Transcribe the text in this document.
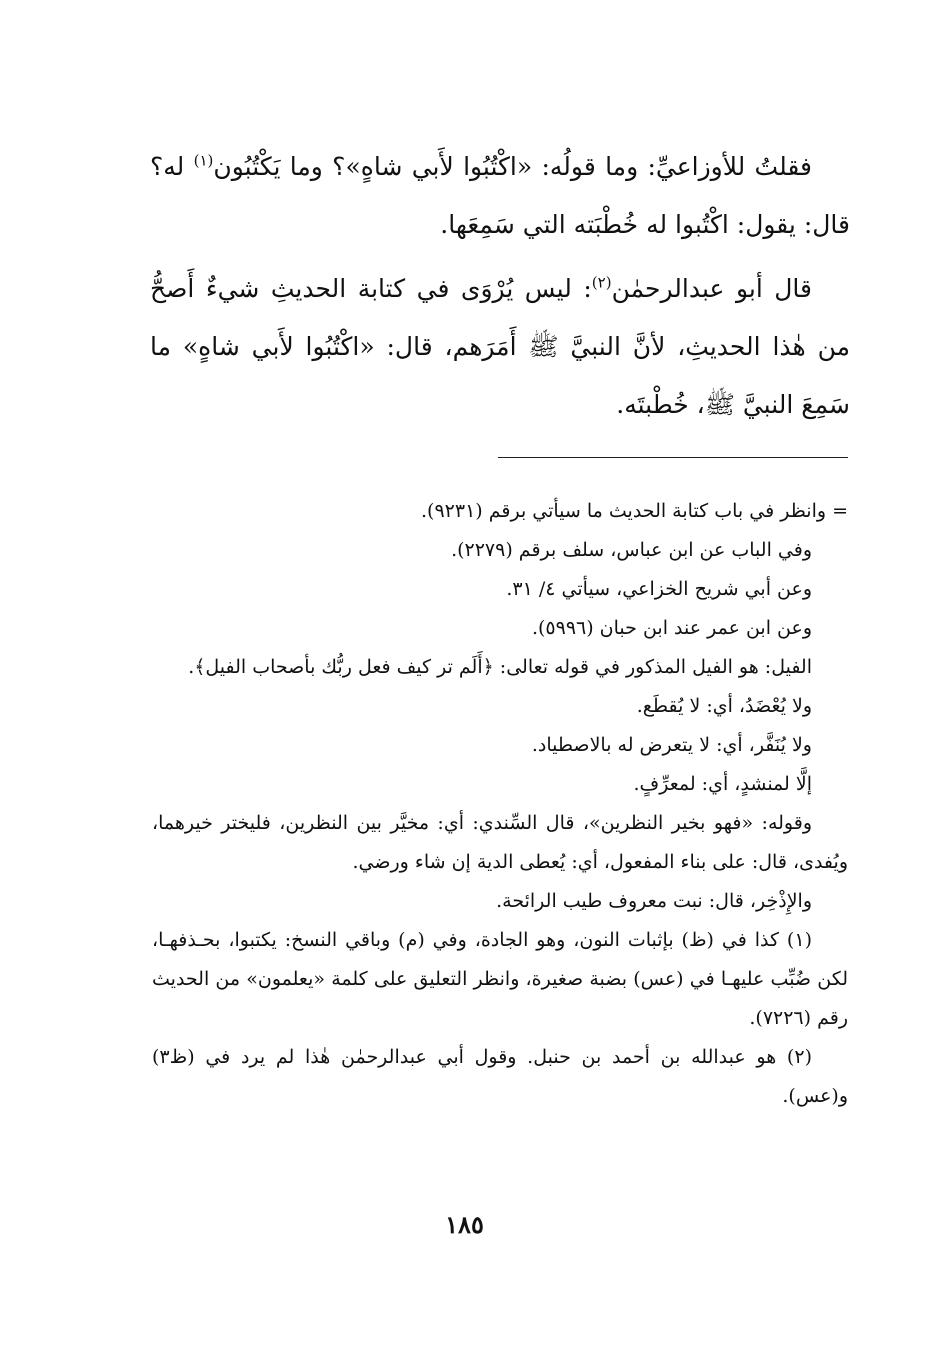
فقلتُ للأوزاعيِّ: وما قولُه: «اكْتُبُوا لأَبي شاهٍ»؟ وما يَكْتُبُون$^{(١)}$ له؟ قال: يقول: اكْتُبوا له خُطْبَته التي سَمِعَها.

قال أبو عبدالرحمٰن$^{(٢)}$: ليس يُرْوَى في كتابة الحديثِ شيءٌ أَصحُّ من هٰذا الحديثِ، لأنَّ النبيَّ ﷺ أَمَرَهم، قال: «اكْتُبُوا لأَبي شاهٍ» ما سَمِعَ النبيَّ ﷺ، خُطْبتَه.

= وانظر في باب كتابة الحديث ما سيأتي برقم (٩٢٣١).

وفي الباب عن ابن عباس، سلف برقم (٢٢٧٩).

وعن أبي شريح الخزاعي، سيأتي ٤/ ٣١.

وعن ابن عمر عند ابن حبان (٥٩٩٦).

الفيل: هو الفيل المذكور في قوله تعالى: ﴿أَلَم تر كيف فعل ربُّك بأصحاب الفيل﴾.

ولا يُعْضَدُ، أي: لا يُقطَع.

ولا يُنَفَّر، أي: لا يتعرض له بالاصطياد.

إلَّا لمنشدٍ، أي: لمعرِّفٍ.

وقوله: «فهو بخير النظرين»، قال السِّندي: أي: مخيَّر بين النظرين، فليختر خيرهما، ويُفدى، قال: على بناء المفعول، أي: يُعطى الدية إن شاء ورضي.

والإِذْخِر، قال: نبت معروف طيب الرائحة.

(١) كذا في (ظ) بإثبات النون، وهو الجادة، وفي (م) وباقي النسخ: يكتبوا، بحـذفهـا، لكن ضُبِّب عليهـا في (عس) بضبة صغيرة، وانظر التعليق على كلمة «يعلمون» من الحديث رقم (٧٢٢٦).

(٢) هو عبدالله بن أحمد بن حنبل. وقول أبي عبدالرحمٰن هٰذا لم يرد في (ظ٣) و(عس).

١٨٥
